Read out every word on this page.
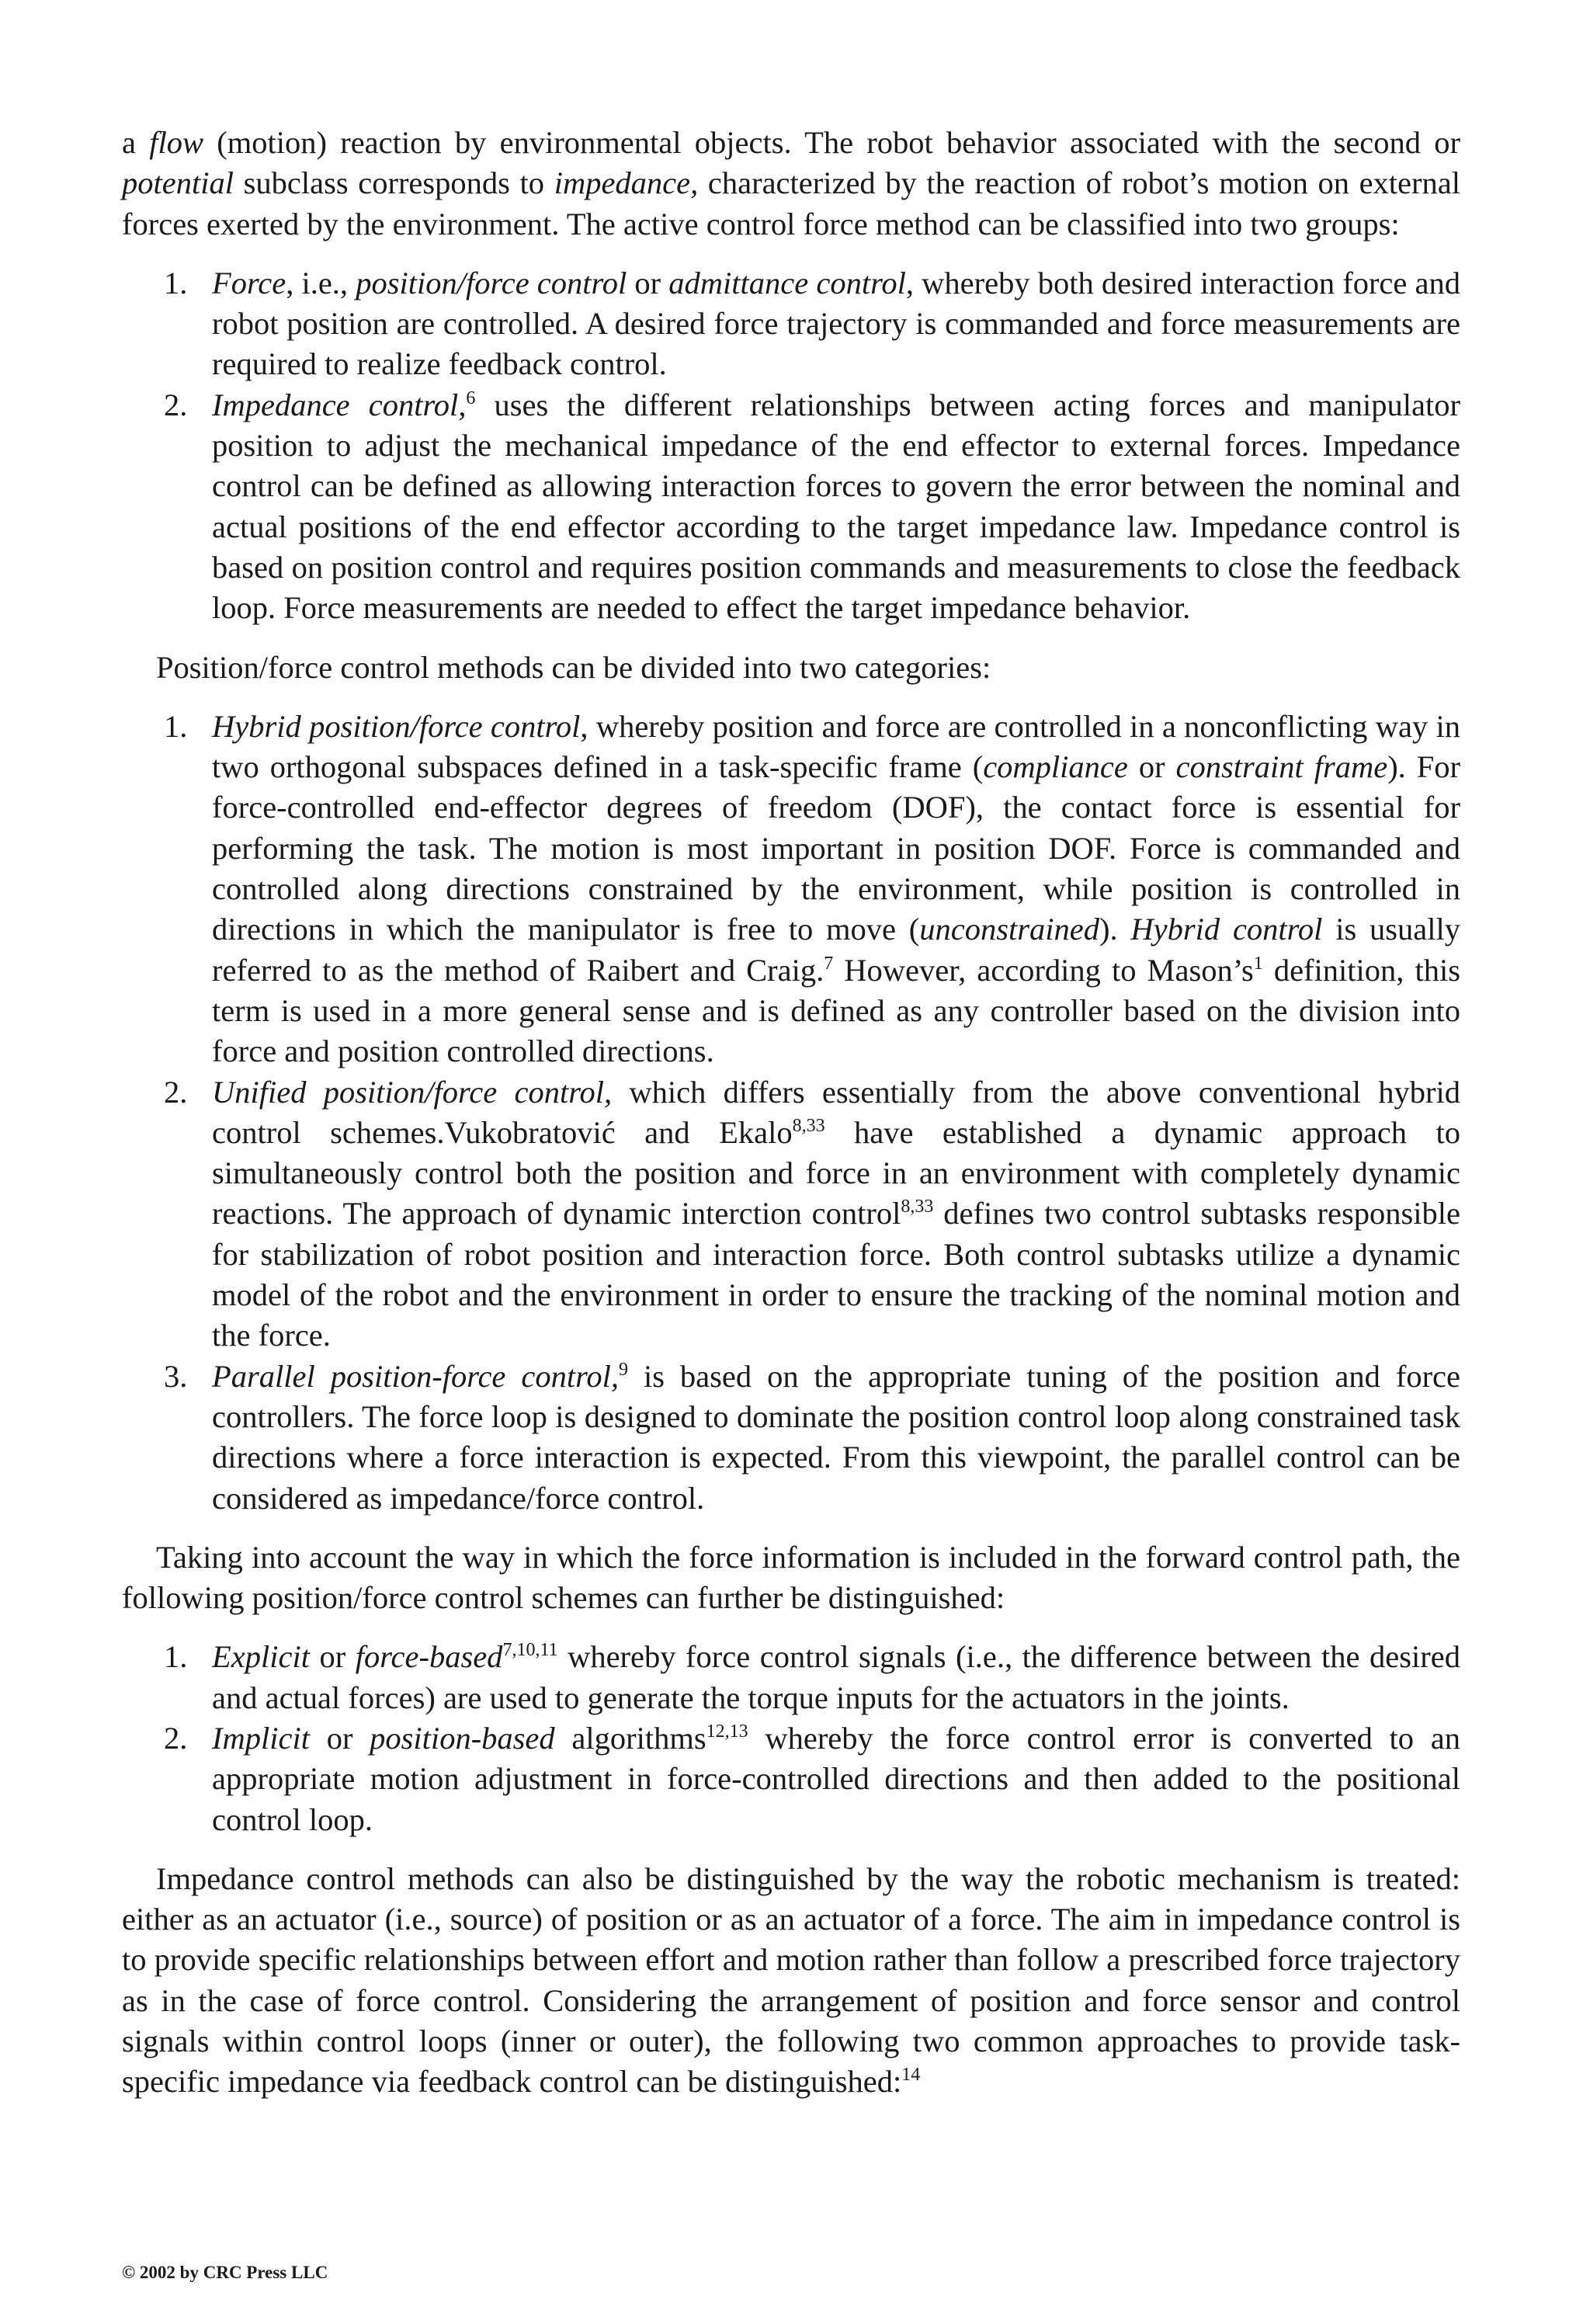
a flow (motion) reaction by environmental objects. The robot behavior associated with the second or potential subclass corresponds to impedance, characterized by the reaction of robot’s motion on external forces exerted by the environment. The active control force method can be classified into two groups:

1. Force, i.e., position/force control or admittance control, whereby both desired interaction force and robot position are controlled. A desired force trajectory is commanded and force measurements are required to realize feedback control.
2. Impedance control,$^6$ uses the different relationships between acting forces and manipulator position to adjust the mechanical impedance of the end effector to external forces. Impedance control can be defined as allowing interaction forces to govern the error between the nominal and actual positions of the end effector according to the target impedance law. Impedance control is based on position control and requires position commands and measurements to close the feedback loop. Force measurements are needed to effect the target impedance behavior.

Position/force control methods can be divided into two categories:

1. Hybrid position/force control, whereby position and force are controlled in a nonconflicting way in two orthogonal subspaces defined in a task-specific frame (compliance or constraint frame). For force-controlled end-effector degrees of freedom (DOF), the contact force is essential for performing the task. The motion is most important in position DOF. Force is commanded and controlled along directions constrained by the environment, while position is controlled in directions in which the manipulator is free to move (unconstrained). Hybrid control is usually referred to as the method of Raibert and Craig.$^7$ However, according to $Mason’s^1$ definition, this term is used in a more general sense and is defined as any controller based on the division into force and position controlled directions.
2. Unified position/force control, which differs essentially from the above conventional hybrid control schemes.Vukobratović and Ekalo$^{8,33}$ have established a dynamic approach to simultaneously control both the position and force in an environment with completely dynamic reactions. The approach of dynamic interction control$^{8,33}$ defines two control subtasks responsible for stabilization of robot position and interaction force. Both control subtasks utilize a dynamic model of the robot and the environment in order to ensure the tracking of the nominal motion and the force.
3. Parallel position-force control,$^9$ is based on the appropriate tuning of the position and force controllers. The force loop is designed to dominate the position control loop along constrained task directions where a force interaction is expected. From this viewpoint, the parallel control can be considered as impedance/force control.

Taking into account the way in which the force information is included in the forward control path, the following position/force control schemes can further be distinguished:

1. Explicit or force-based$^{7,10,11}$ whereby force control signals (i.e., the difference between the desired and actual forces) are used to generate the torque inputs for the actuators in the joints.
2. Implicit or position-based algorithms$^{12,13}$ whereby the force control error is converted to an appropriate motion adjustment in force-controlled directions and then added to the positional control loop.

Impedance control methods can also be distinguished by the way the robotic mechanism is treated: either as an actuator (i.e., source) of position or as an actuator of a force. The aim in impedance control is to provide specific relationships between effort and motion rather than follow a prescribed force trajectory as in the case of force control. Considering the arrangement of position and force sensor and control signals within control loops (inner or outer), the following two common approaches to provide task-specific impedance via feedback control can be distinguished:$^{14}$

© 2002 by CRC Press LLC
